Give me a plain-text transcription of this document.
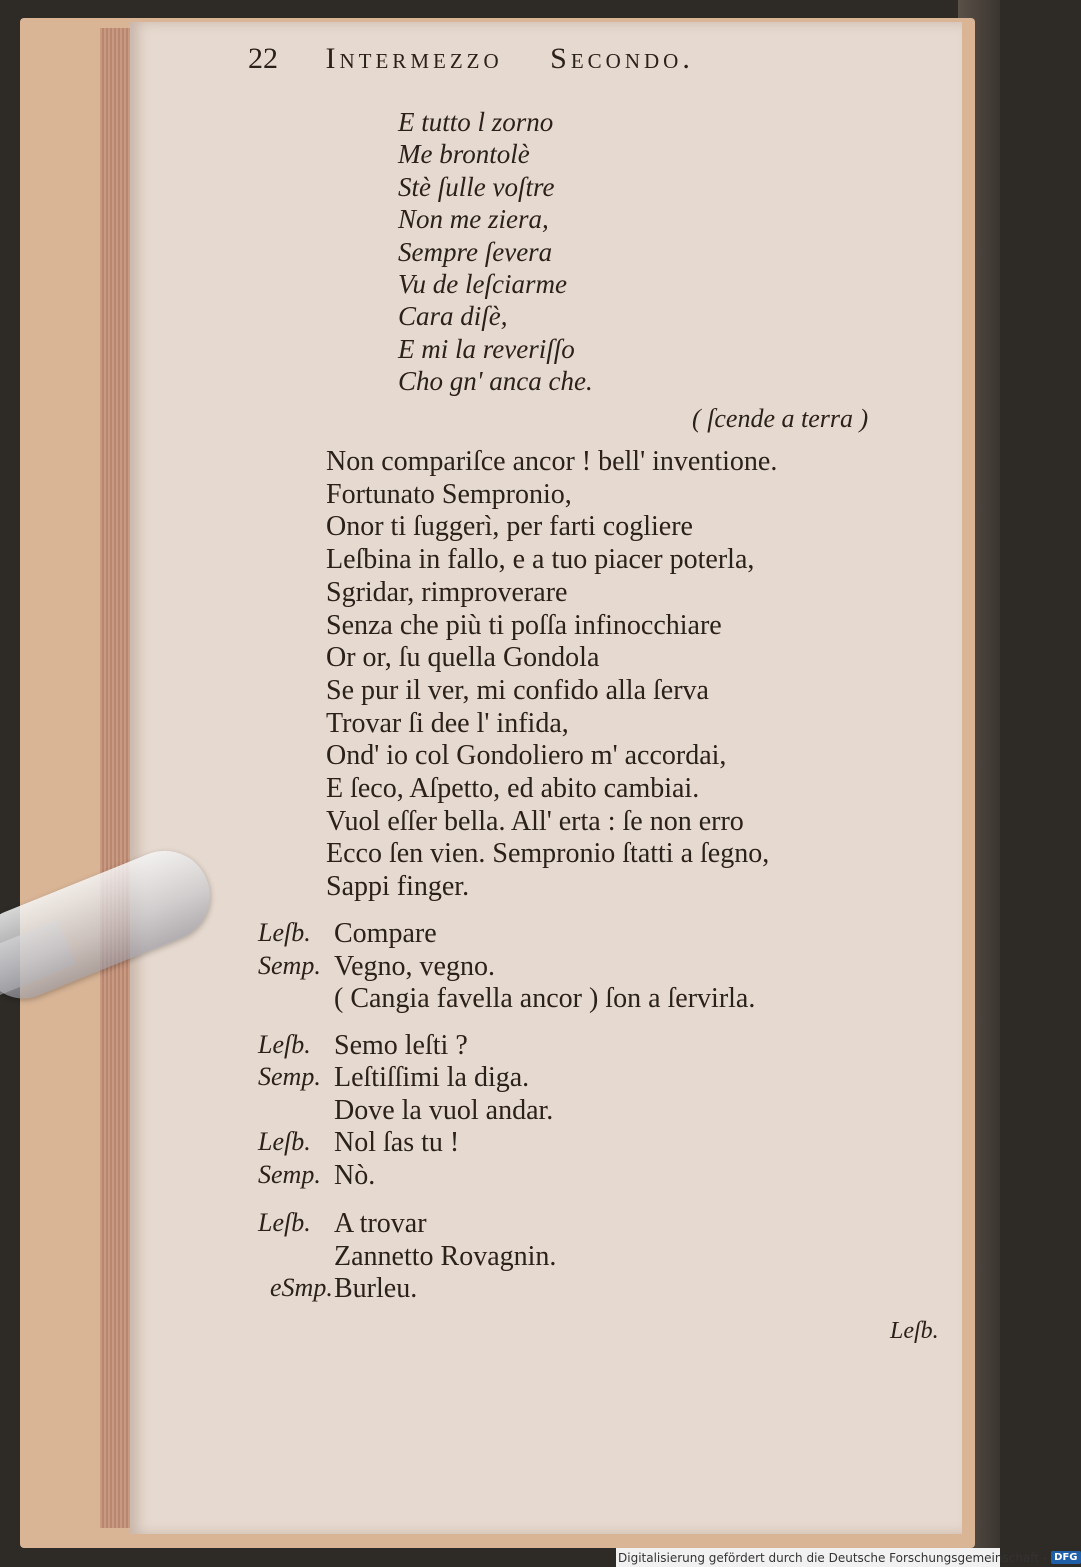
22 Intermezzo Secondo.
E tutto l zorno
Me brontolè
Stè ſulle voſtre
Non me ziera,
Sempre ſevera
Vu de leſciarme
Cara diſè,
E mi la reveriſſo
Cho gn' anca che.
( ſcende a terra )
Non compariſce ancor ! bell' inventione.
Fortunato Sempronio,
Onor ti ſuggerì, per farti cogliere
Leſbina in fallo, e a tuo piacer poterla,
Sgridar, rimproverare
Senza che più ti poſſa infinocchiare
Or or, ſu quella Gondola
Se pur il ver, mi confido alla ſerva
Trovar ſi dee l' infida,
Ond' io col Gondoliero m' accordai,
E ſeco, Aſpetto, ed abito cambiai.
Vuol eſſer bella. All' erta : ſe non erro
Ecco ſen vien. Sempronio ſtatti a ſegno,
Sappi finger.
Leſb. Compare
Semp. Vegno, vegno.
( Cangia favella ancor ) ſon a ſervirla.
Leſb. Semo leſti ?
Semp. Leſtiſſimi la diga.
Dove la vuol andar.
Leſb. Nol ſas tu !
Semp. Nò.
Leſb. A trovar
Zannetto Rovagnin.
eSmp. Burleu.
Leſb.
Digitalisierung gefördert durch die Deutsche Forschungsgemeinschaft - DFG
